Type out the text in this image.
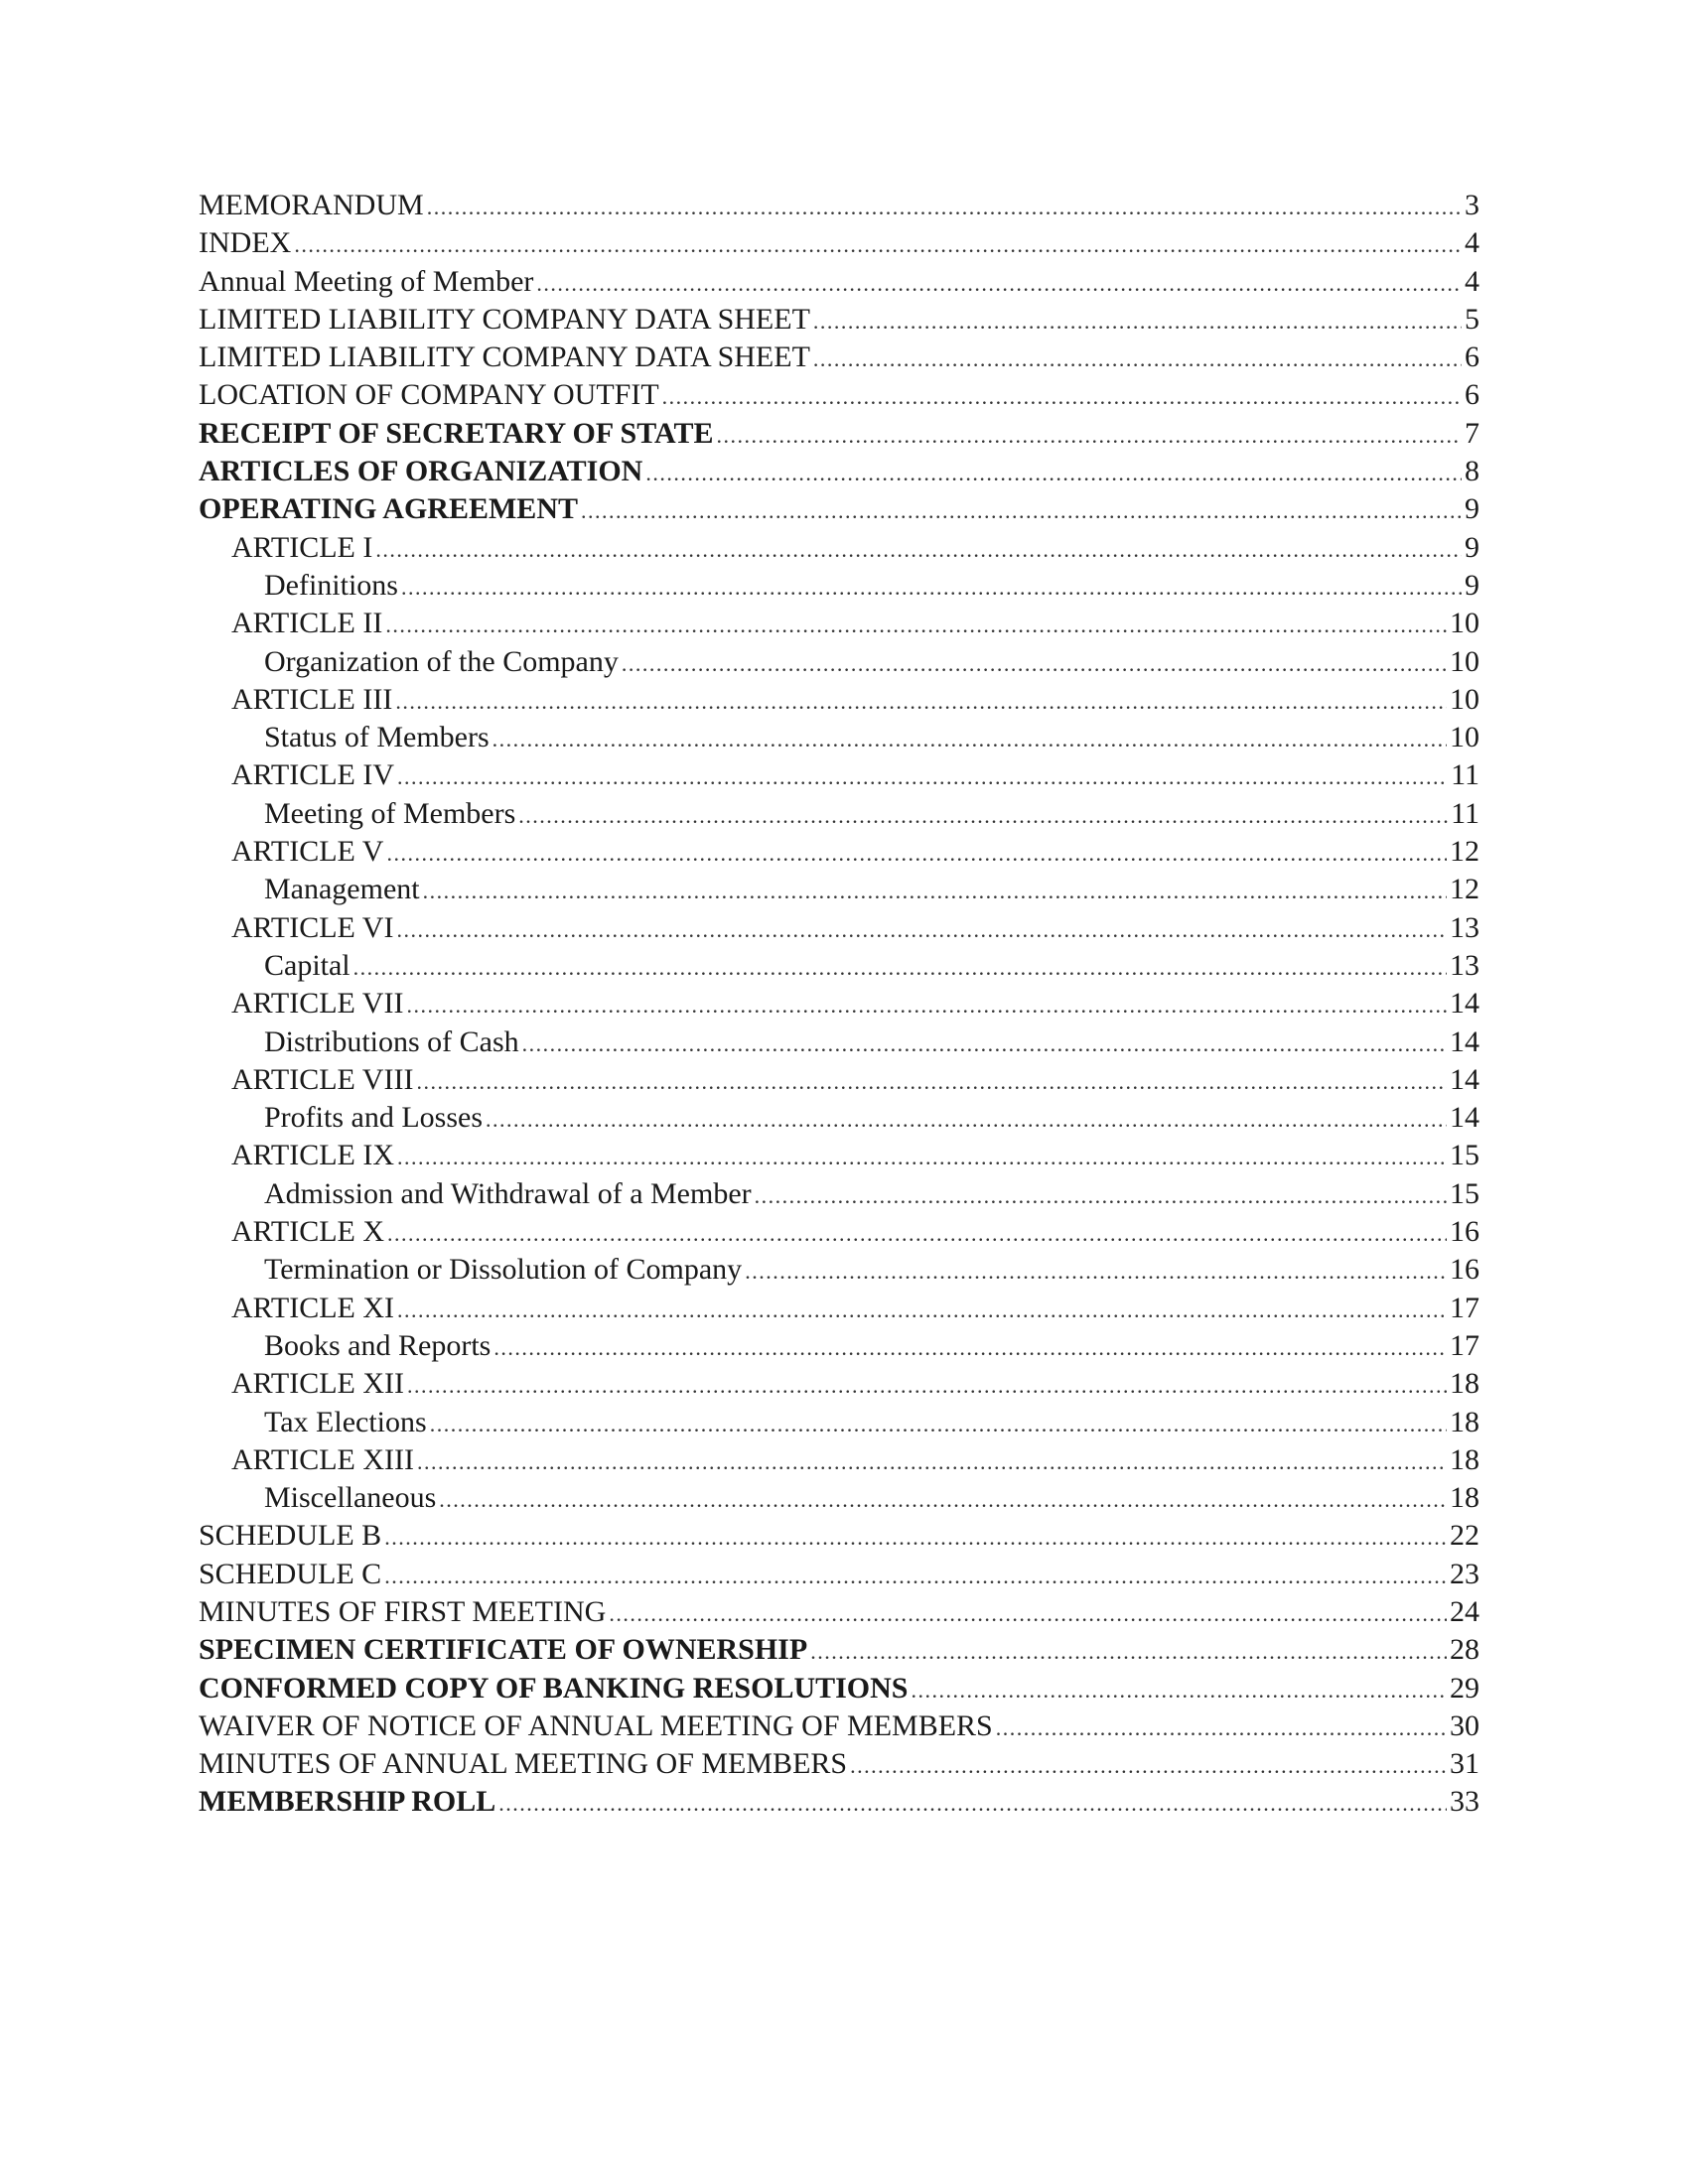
MEMORANDUM .....	3
INDEX .....	4
Annual Meeting of Member .....	4
LIMITED LIABILITY COMPANY DATA SHEET .....	5
LIMITED LIABILITY COMPANY DATA SHEET .....	6
LOCATION OF COMPANY OUTFIT .....	6
RECEIPT OF SECRETARY OF STATE .....	7
ARTICLES OF ORGANIZATION .....	8
OPERATING AGREEMENT .....	9
ARTICLE I .....	9
Definitions .....	9
ARTICLE II .....	10
Organization of the Company .....	10
ARTICLE III .....	10
Status of Members .....	10
ARTICLE IV .....	11
Meeting of Members .....	11
ARTICLE V .....	12
Management .....	12
ARTICLE VI .....	13
Capital .....	13
ARTICLE VII .....	14
Distributions of Cash .....	14
ARTICLE VIII .....	14
Profits and Losses .....	14
ARTICLE IX .....	15
Admission and Withdrawal of a Member .....	15
ARTICLE X .....	16
Termination or Dissolution of Company .....	16
ARTICLE XI .....	17
Books and Reports .....	17
ARTICLE XII .....	18
Tax Elections .....	18
ARTICLE XIII .....	18
Miscellaneous .....	18
SCHEDULE B .....	22
SCHEDULE C .....	23
MINUTES OF FIRST MEETING .....	24
SPECIMEN CERTIFICATE OF OWNERSHIP .....	28
CONFORMED COPY OF BANKING RESOLUTIONS .....	29
WAIVER OF NOTICE OF ANNUAL MEETING OF MEMBERS .....	30
MINUTES OF ANNUAL MEETING OF MEMBERS .....	31
MEMBERSHIP ROLL .....	33
